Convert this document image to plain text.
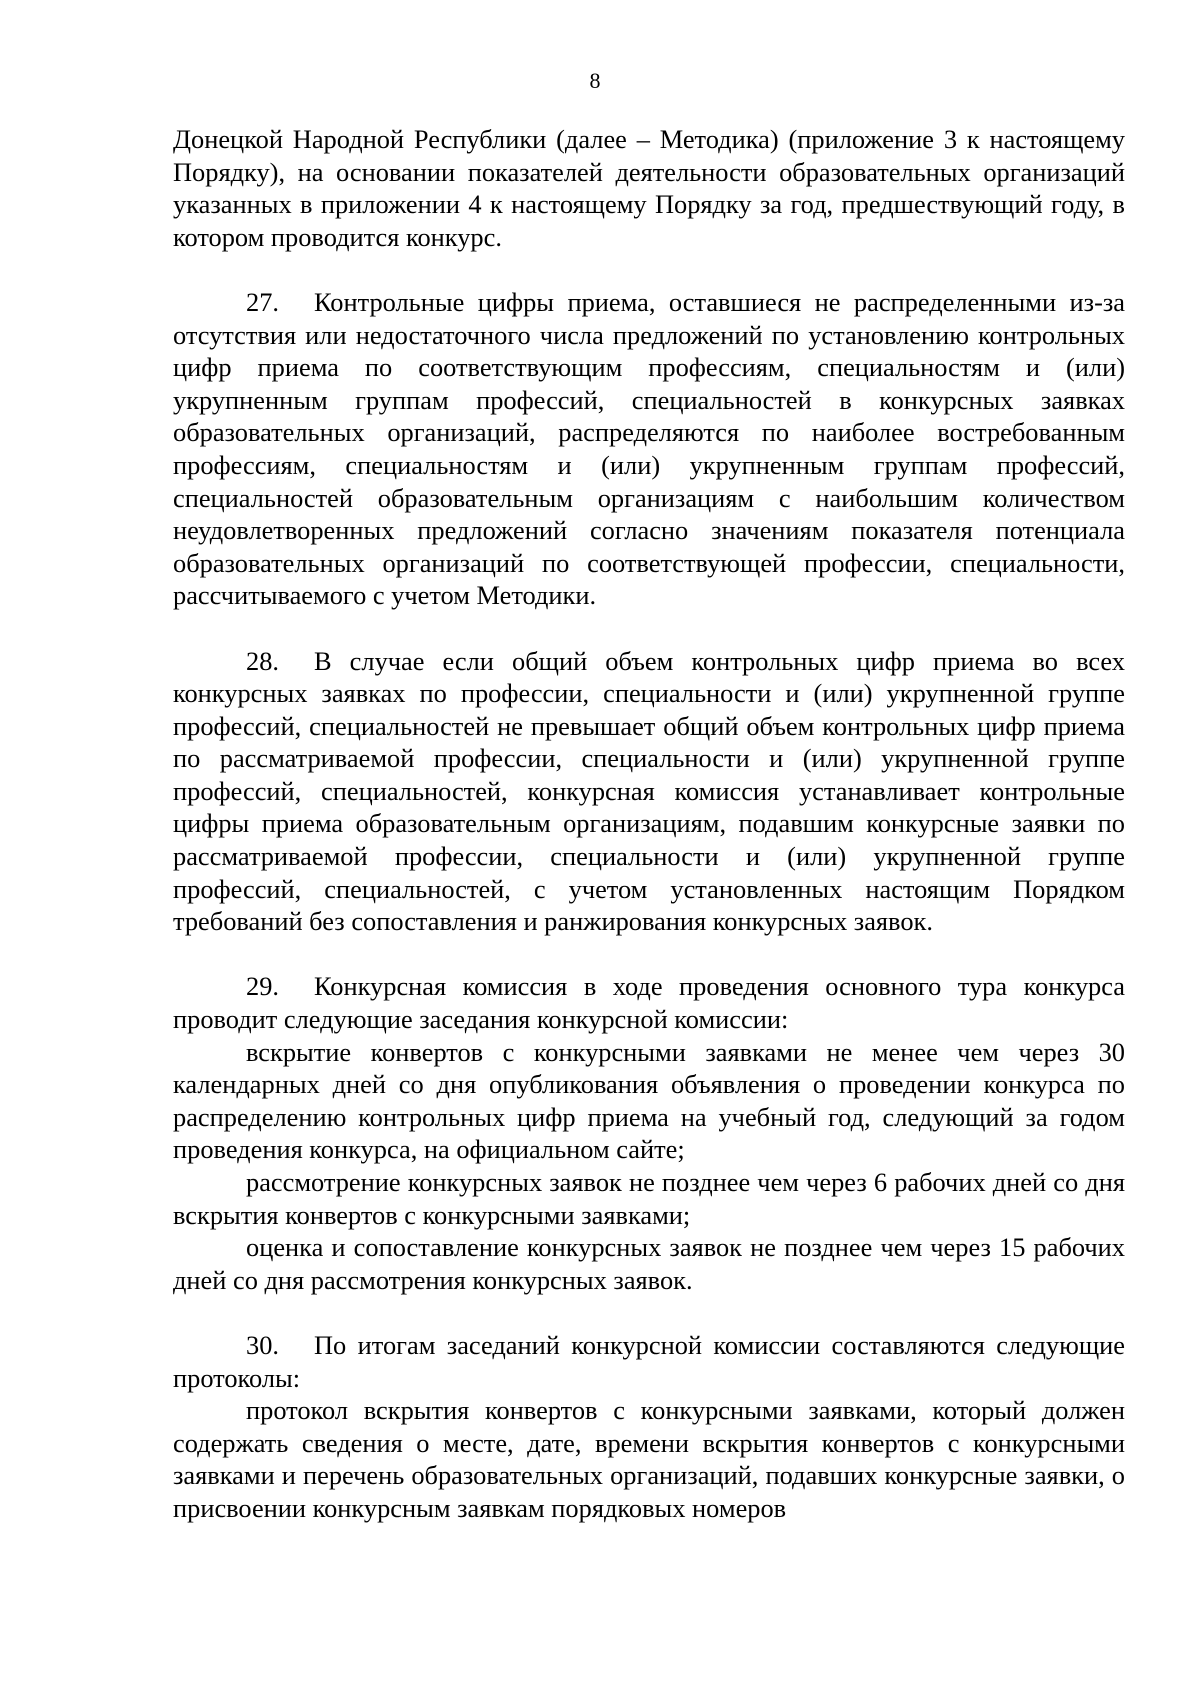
8

Донецкой Народной Республики (далее – Методика) (приложение 3 к настоящему Порядку), на основании показателей деятельности образовательных организаций указанных в приложении 4 к настоящему Порядку за год, предшествующий году, в котором проводится конкурс.

27. Контрольные цифры приема, оставшиеся не распределенными из-за отсутствия или недостаточного числа предложений по установлению контрольных цифр приема по соответствующим профессиям, специальностям и (или) укрупненным группам профессий, специальностей в конкурсных заявках образовательных организаций, распределяются по наиболее востребованным профессиям, специальностям и (или) укрупненным группам профессий, специальностей образовательным организациям с наибольшим количеством неудовлетворенных предложений согласно значениям показателя потенциала образовательных организаций по соответствующей профессии, специальности, рассчитываемого с учетом Методики.

28. В случае если общий объем контрольных цифр приема во всех конкурсных заявках по профессии, специальности и (или) укрупненной группе профессий, специальностей не превышает общий объем контрольных цифр приема по рассматриваемой профессии, специальности и (или) укрупненной группе профессий, специальностей, конкурсная комиссия устанавливает контрольные цифры приема образовательным организациям, подавшим конкурсные заявки по рассматриваемой профессии, специальности и (или) укрупненной группе профессий, специальностей, с учетом установленных настоящим Порядком требований без сопоставления и ранжирования конкурсных заявок.

29. Конкурсная комиссия в ходе проведения основного тура конкурса проводит следующие заседания конкурсной комиссии:

вскрытие конвертов с конкурсными заявками не менее чем через 30 календарных дней со дня опубликования объявления о проведении конкурса по распределению контрольных цифр приема на учебный год, следующий за годом проведения конкурса, на официальном сайте;

рассмотрение конкурсных заявок не позднее чем через 6 рабочих дней со дня вскрытия конвертов с конкурсными заявками;

оценка и сопоставление конкурсных заявок не позднее чем через 15 рабочих дней со дня рассмотрения конкурсных заявок.

30. По итогам заседаний конкурсной комиссии составляются следующие протоколы:

протокол вскрытия конвертов с конкурсными заявками, который должен содержать сведения о месте, дате, времени вскрытия конвертов с конкурсными заявками и перечень образовательных организаций, подавших конкурсные заявки, о присвоении конкурсным заявкам порядковых номеров
